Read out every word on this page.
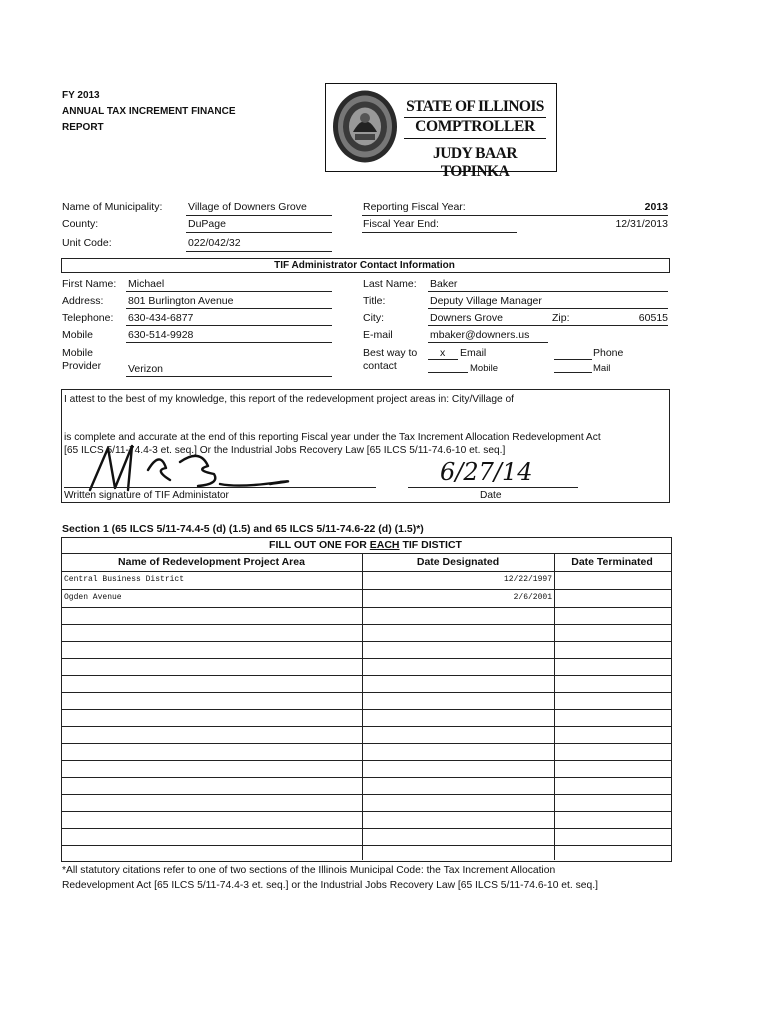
FY 2013
ANNUAL TAX INCREMENT FINANCE
REPORT
STATE OF ILLINOIS
COMPTROLLER
JUDY BAAR TOPINKA
Name of Municipality: Village of Downers Grove
County:	DuPage
Unit Code:	022/042/32
Reporting Fiscal Year:	2013
Fiscal Year End:	12/31/2013
TIF Administrator Contact Information
First Name: Michael
Address: 801 Burlington Avenue
Telephone: 630-434-6877
Mobile	630-514-9928
Mobile
Provider	Verizon
Last Name: Baker
Title:	Deputy Village Manager
City:	Downers Grove	Zip:	60515
E-mail	mbaker@downers.us
Best way to
contact
x Email
Mobile
Phone
Mail
I attest to the best of my knowledge, this report of the redevelopment project areas in: City/Village of
is complete and accurate at the end of this reporting Fiscal year under the Tax Increment Allocation Redevelopment Act
[65 ILCS 5/11-74.4-3 et. seq.] Or the Industrial Jobs Recovery Law [65 ILCS 5/11-74.6-10 et. seq.]
Written signature of TIF Administator
6/27/14
Date
Section 1 (65 ILCS 5/11-74.4-5 (d) (1.5) and 65 ILCS 5/11-74.6-22 (d) (1.5)*)
FILL OUT ONE FOR EACH TIF DISTICT
Name of Redevelopment Project Area	Date Designated	Date Terminated
Central Business District	12/22/1997
Ogden Avenue	2/6/2001
*All statutory citations refer to one of two sections of the Illinois Municipal Code: the Tax Increment Allocation
Redevelopment Act [65 ILCS 5/11-74.4-3 et. seq.] or the Industrial Jobs Recovery Law [65 ILCS 5/11-74.6-10 et. seq.]
